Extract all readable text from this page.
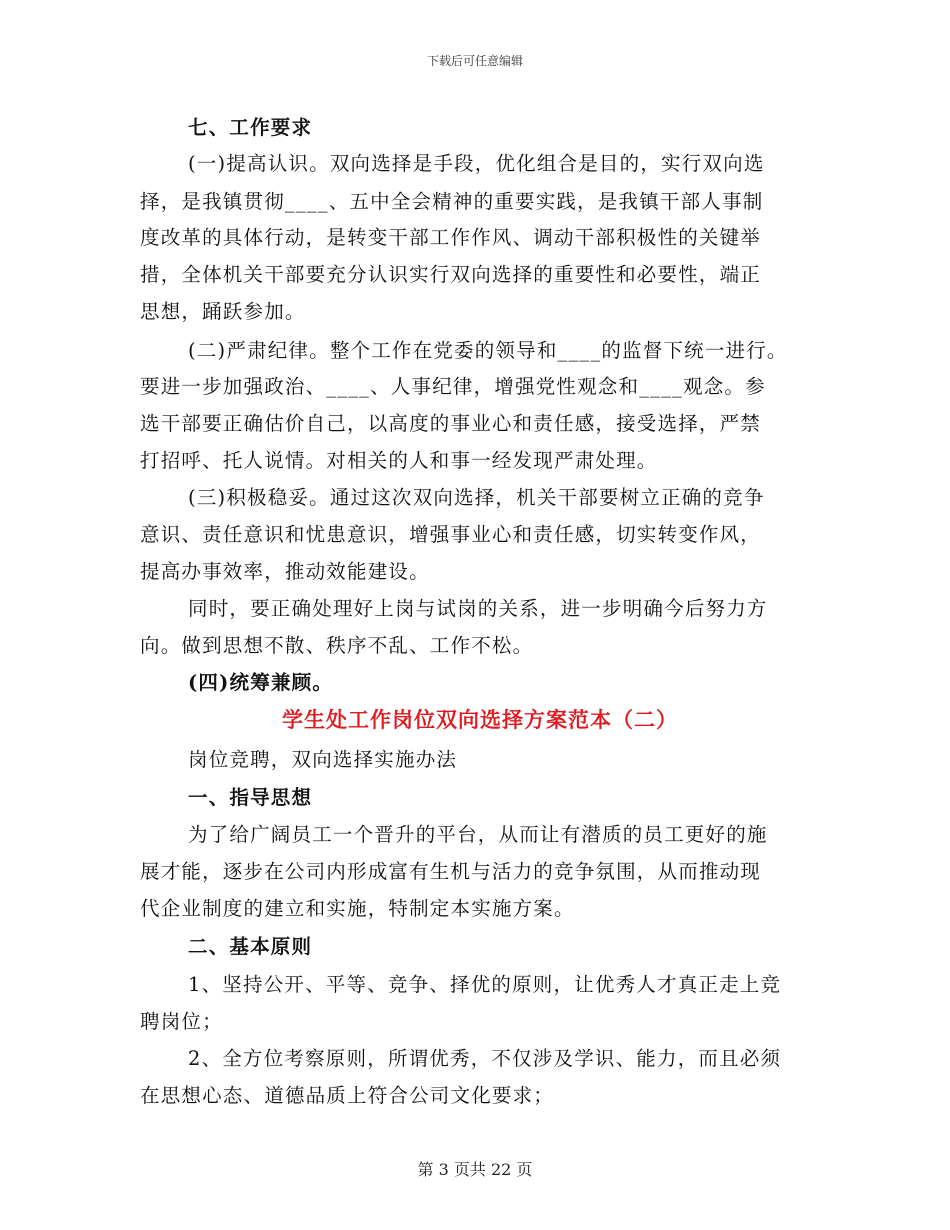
下载后可任意编辑
七、工作要求
(一)提高认识。双向选择是手段，优化组合是目的，实行双向选
择，是我镇贯彻____、五中全会精神的重要实践，是我镇干部人事制
度改革的具体行动，是转变干部工作作风、调动干部积极性的关键举
措，全体机关干部要充分认识实行双向选择的重要性和必要性，端正
思想，踊跃参加。
(二)严肃纪律。整个工作在党委的领导和____的监督下统一进行。
要进一步加强政治、____、人事纪律，增强党性观念和____观念。参
选干部要正确估价自己，以高度的事业心和责任感，接受选择，严禁
打招呼、托人说情。对相关的人和事一经发现严肃处理。
(三)积极稳妥。通过这次双向选择，机关干部要树立正确的竞争
意识、责任意识和忧患意识，增强事业心和责任感，切实转变作风，
提高办事效率，推动效能建设。
同时，要正确处理好上岗与试岗的关系，进一步明确今后努力方
向。做到思想不散、秩序不乱、工作不松。
(四)统筹兼顾。
学生处工作岗位双向选择方案范本（二）
岗位竞聘，双向选择实施办法
一、指导思想
为了给广阔员工一个晋升的平台，从而让有潜质的员工更好的施
展才能，逐步在公司内形成富有生机与活力的竞争氛围，从而推动现
代企业制度的建立和实施，特制定本实施方案。
二、基本原则
1、坚持公开、平等、竞争、择优的原则，让优秀人才真正走上竞
聘岗位；
2、全方位考察原则，所谓优秀，不仅涉及学识、能力，而且必须
在思想心态、道德品质上符合公司文化要求；
第 3 页共 22 页
